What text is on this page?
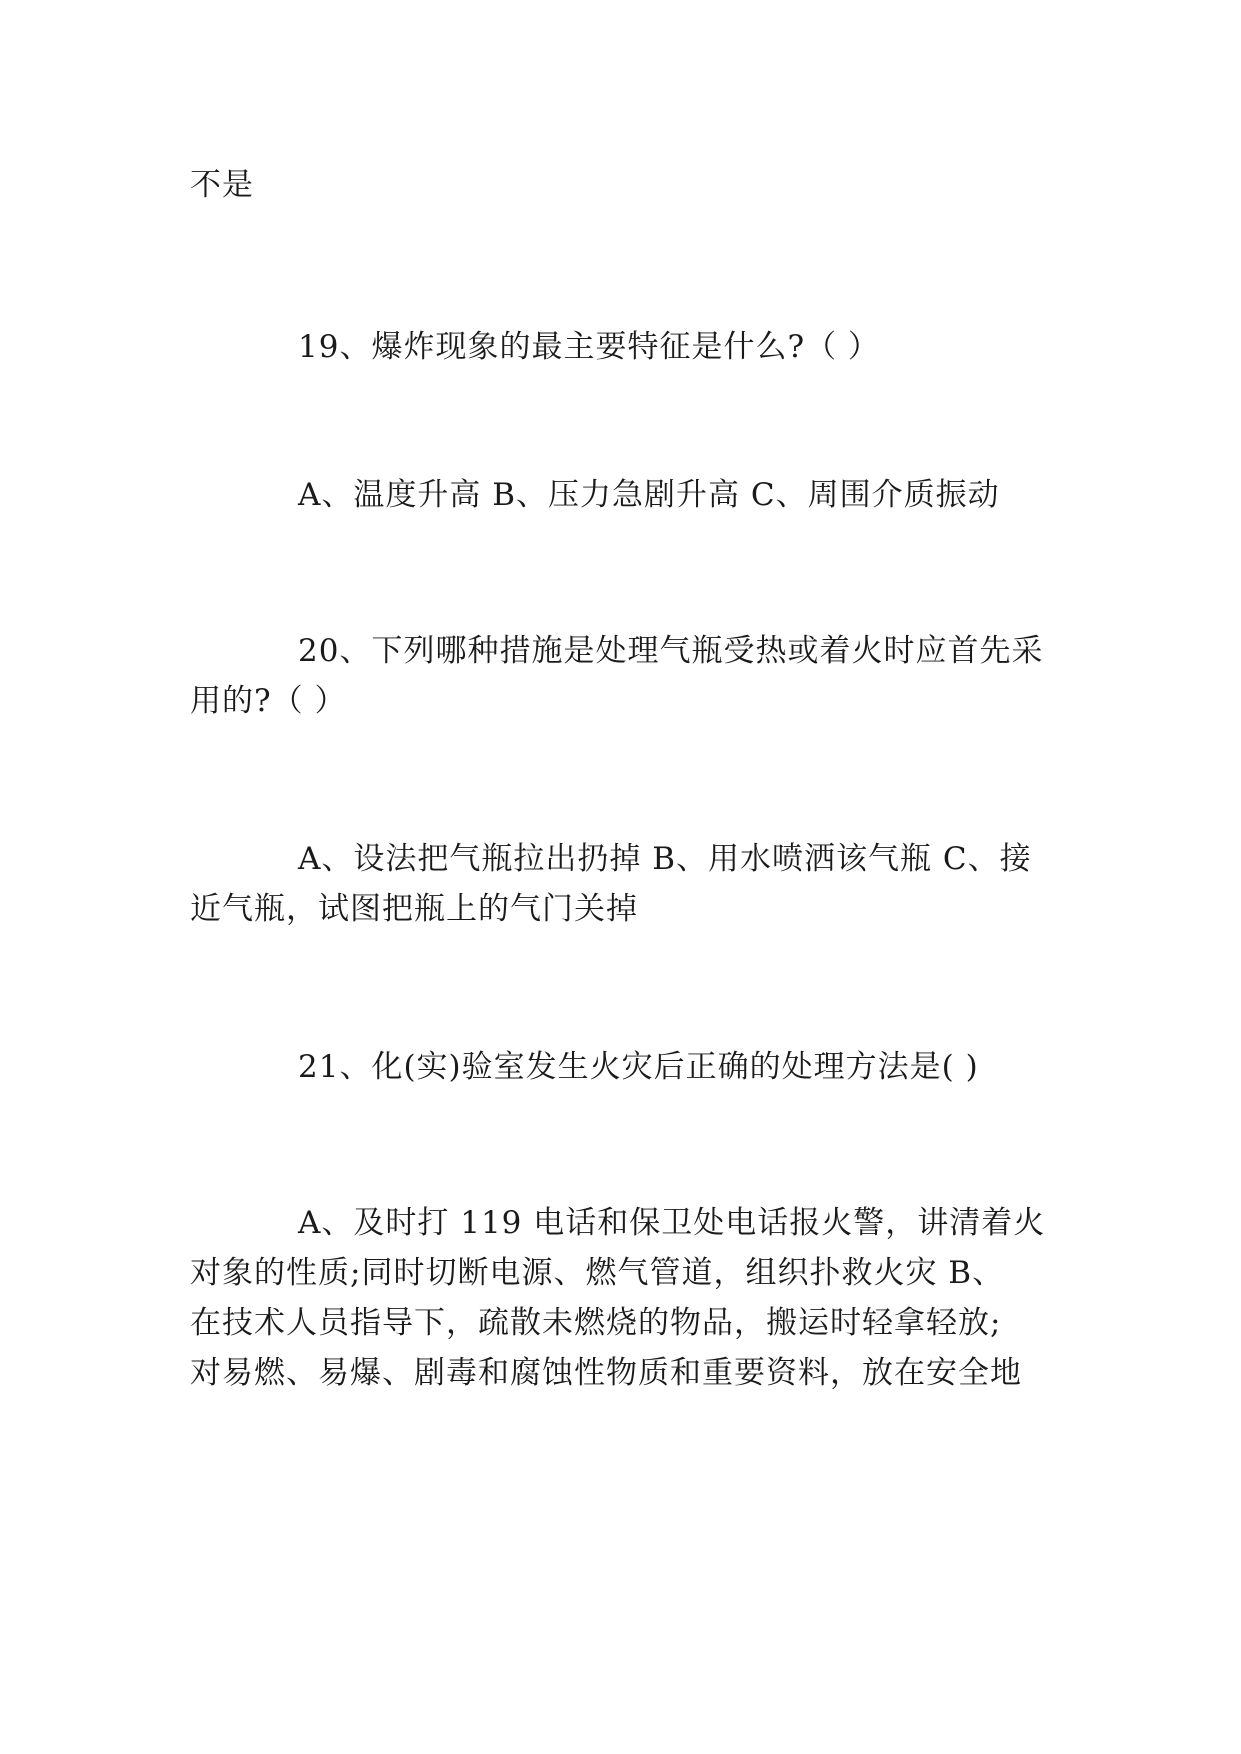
不是

19、爆炸现象的最主要特征是什么?（ ）

A、温度升高 B、压力急剧升高 C、周围介质振动

20、下列哪种措施是处理气瓶受热或着火时应首先采
用的?（ ）

A、设法把气瓶拉出扔掉 B、用水喷洒该气瓶 C、接
近气瓶，试图把瓶上的气门关掉

21、化(实)验室发生火灾后正确的处理方法是( )

A、及时打 119 电话和保卫处电话报火警，讲清着火
对象的性质;同时切断电源、燃气管道，组织扑救火灾 B、
在技术人员指导下，疏散未燃烧的物品，搬运时轻拿轻放;
对易燃、易爆、剧毒和腐蚀性物质和重要资料，放在安全地
